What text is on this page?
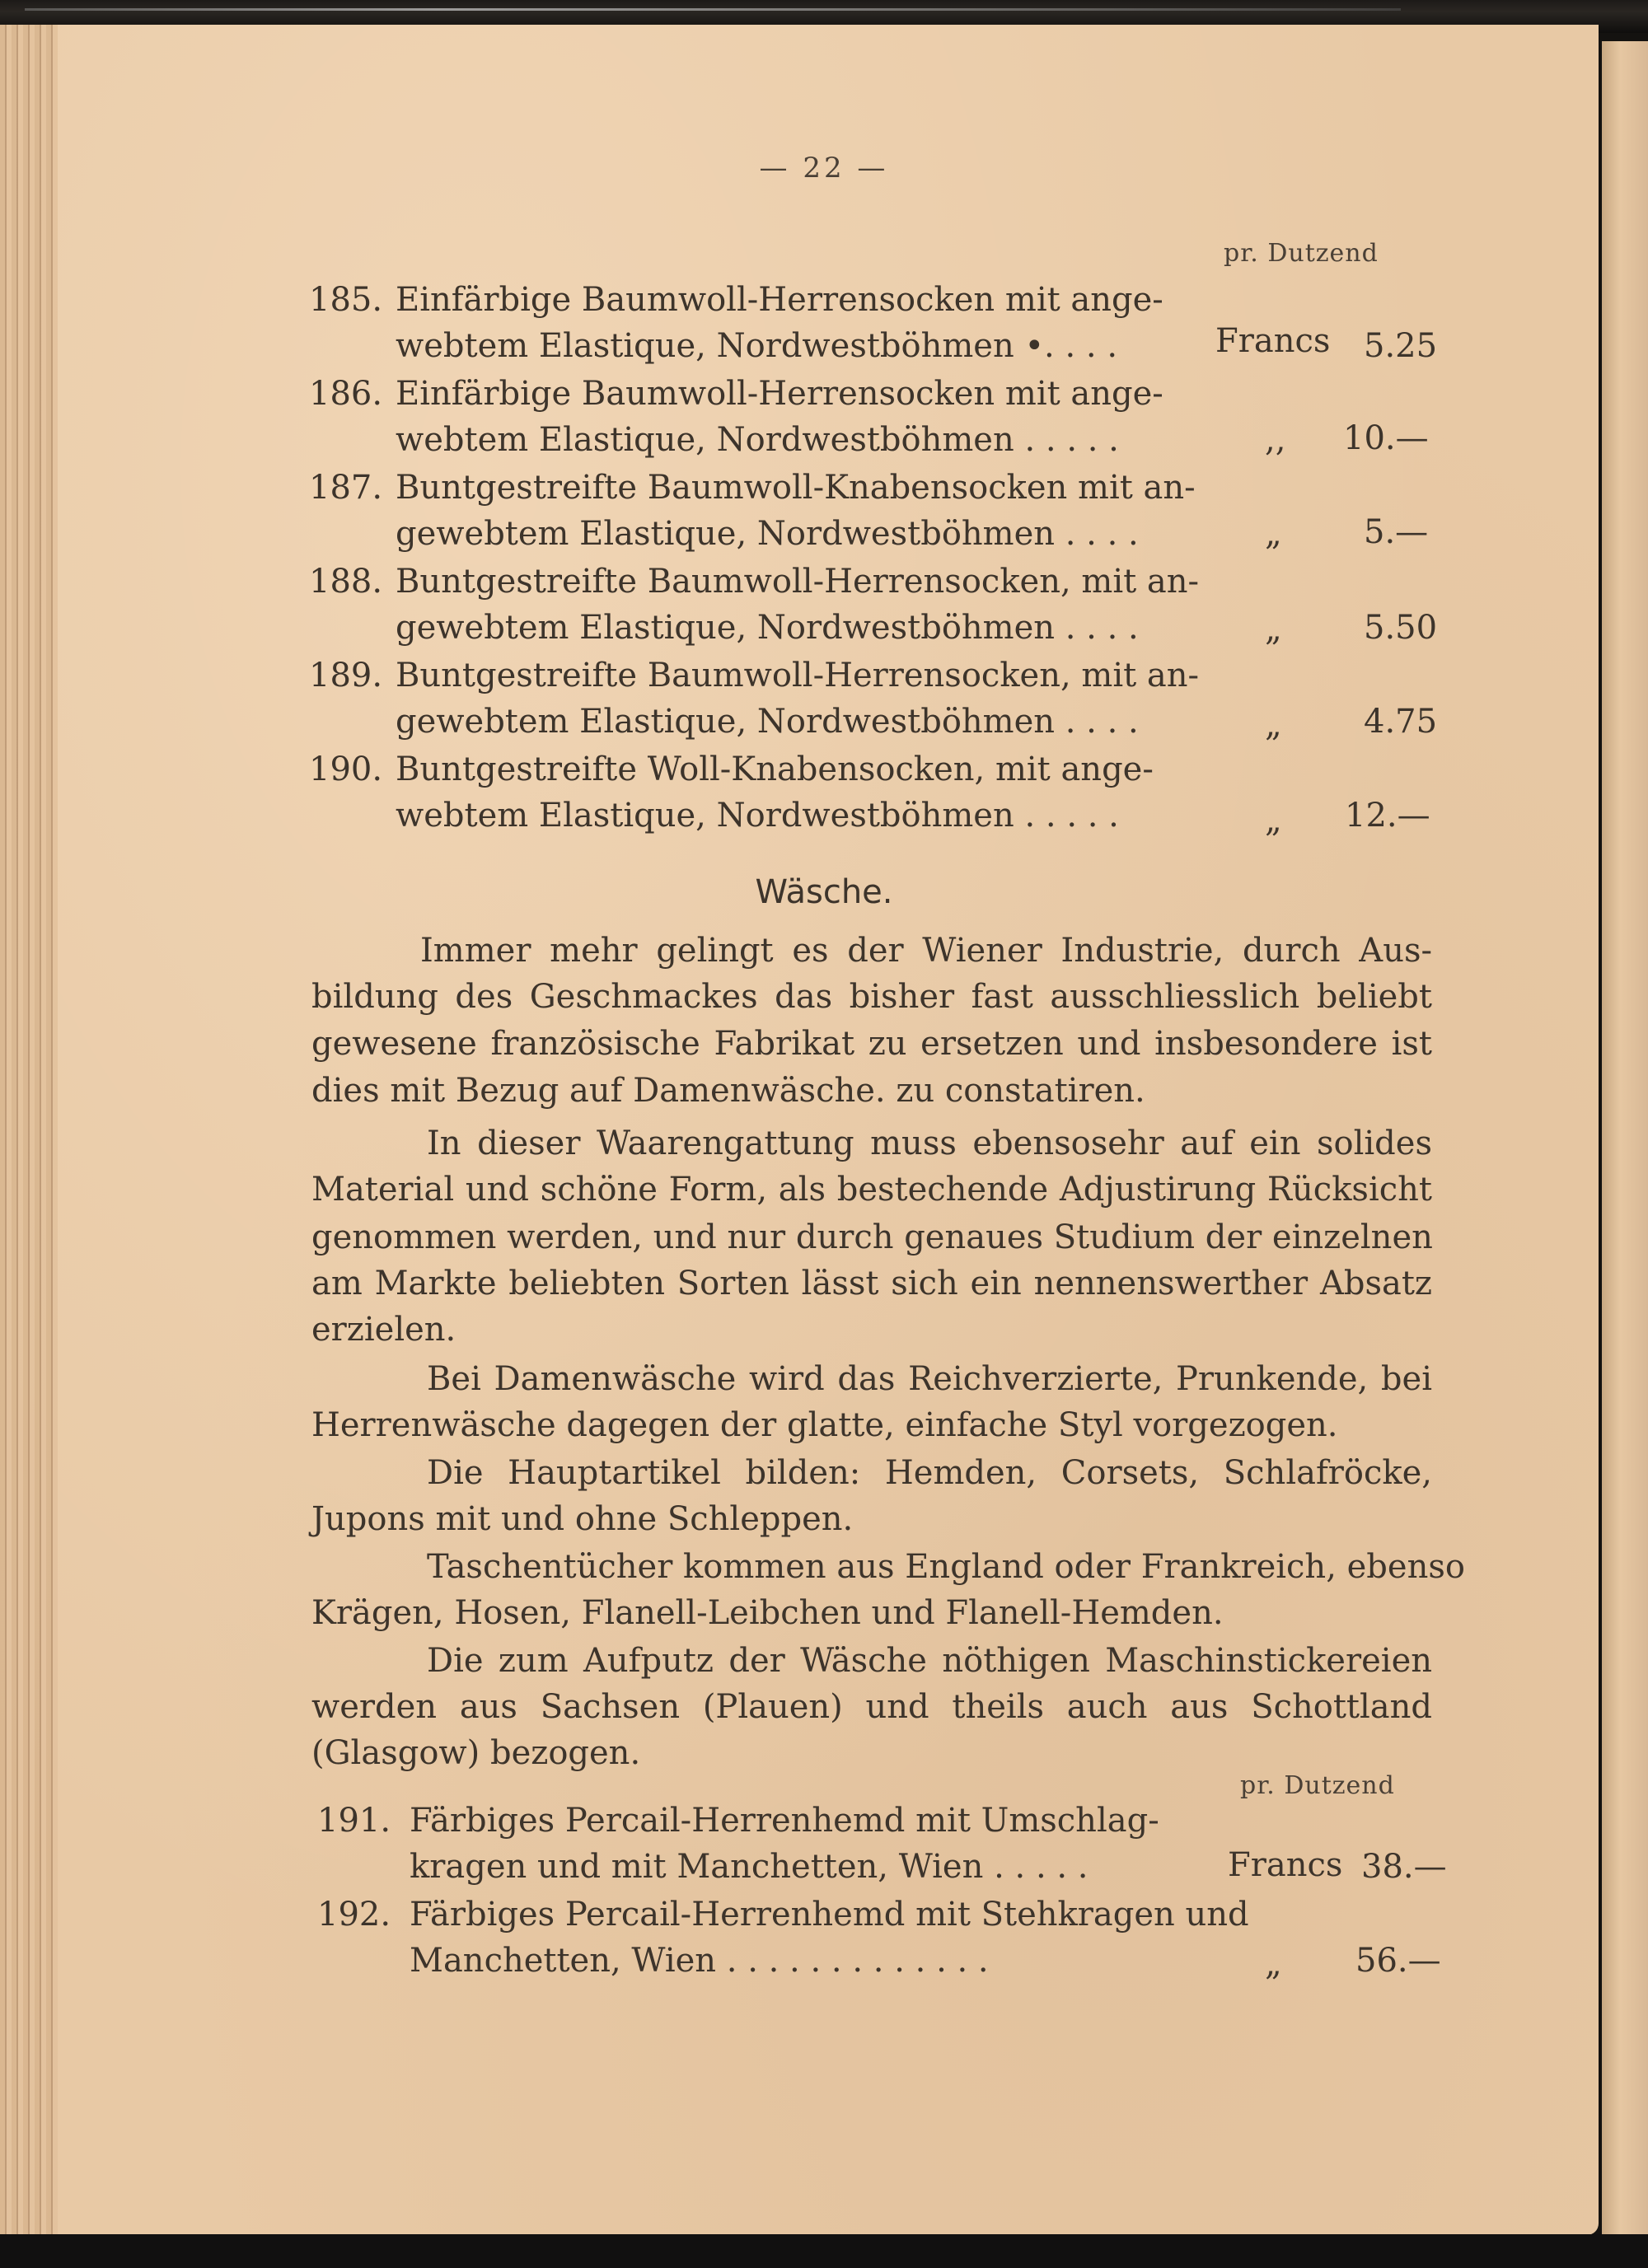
— 22 —
pr. Dutzend
185. Einfärbige Baumwoll-Herrensocken mit ange-
webtem Elastique, Nordwestböhmen •. . . .	Francs 5.25
186. Einfärbige Baumwoll-Herrensocken mit ange-
webtem Elastique, Nordwestböhmen . . . . .	,, 10.—
187. Buntgestreifte Baumwoll-Knabensocken mit an-
gewebtem Elastique, Nordwestböhmen . . . .	„ 5.—
188. Buntgestreifte Baumwoll-Herrensocken, mit an-
gewebtem Elastique, Nordwestböhmen . . . .	„ 5.50
189. Buntgestreifte Baumwoll-Herrensocken, mit an-
gewebtem Elastique, Nordwestböhmen . . . .	„ 4.75
190. Buntgestreifte Woll-Knabensocken, mit ange-
webtem Elastique, Nordwestböhmen . . . . .	„ 12.—
Wäsche.
Immer mehr gelingt es der Wiener Industrie, durch Aus-
bildung des Geschmackes das bisher fast ausschliesslich beliebt
gewesene französische Fabrikat zu ersetzen und insbesondere ist
dies mit Bezug auf Damenwäsche. zu constatiren.
In dieser Waarengattung muss ebensosehr auf ein solides
Material und schöne Form, als bestechende Adjustirung Rücksicht
genommen werden, und nur durch genaues Studium der einzelnen
am Markte beliebten Sorten lässt sich ein nennenswerther Absatz
erzielen.
Bei Damenwäsche wird das Reichverzierte, Prunkende, bei
Herrenwäsche dagegen der glatte, einfache Styl vorgezogen.
Die Hauptartikel bilden: Hemden, Corsets, Schlafröcke,
Jupons mit und ohne Schleppen.
Taschentücher kommen aus England oder Frankreich, ebenso
Krägen, Hosen, Flanell-Leibchen und Flanell-Hemden.
Die zum Aufputz der Wäsche nöthigen Maschinstickereien
werden aus Sachsen (Plauen) und theils auch aus Schottland
(Glasgow) bezogen.
pr. Dutzend
191. Färbiges Percail-Herrenhemd mit Umschlag-
kragen und mit Manchetten, Wien . . . . .	Francs 38.—
192. Färbiges Percail-Herrenhemd mit Stehkragen und
Manchetten, Wien . . . . . . . . . . . . .	„ 56.—
